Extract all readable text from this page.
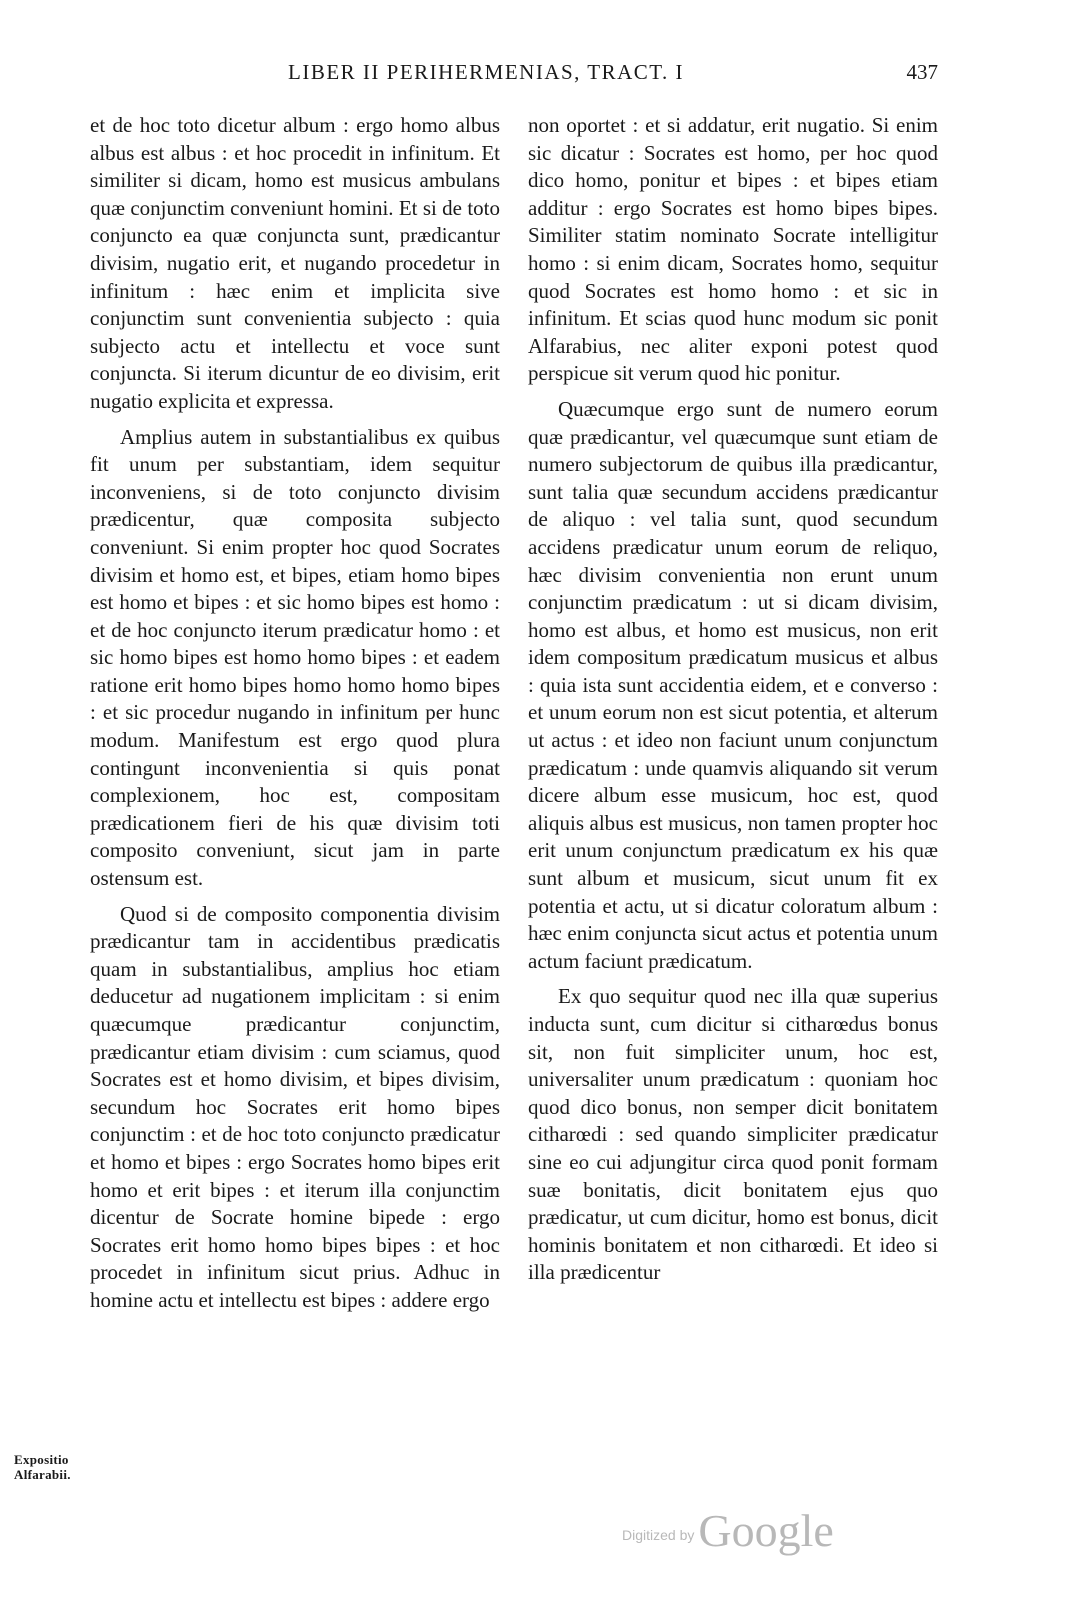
LIBER II PERIHERMENIAS, TRACT. I	437

et de hoc toto dicetur album : ergo homo albus albus est albus : et hoc procedit in infinitum. Et similiter si dicam, homo est musicus ambulans quæ conjunctim conveniunt homini. Et si de toto conjuncto ea quæ conjuncta sunt, prædicantur divisim, nugatio erit, et nugando procedetur in infinitum : hæc enim et implicita sive conjunctim sunt convenientia subjecto : quia subjecto actu et intellectu et voce sunt conjuncta. Si iterum dicuntur de eo divisim, erit nugatio explicita et expressa.

Amplius autem in substantialibus ex quibus fit unum per substantiam, idem sequitur inconveniens, si de toto conjuncto divisim prædicentur, quæ composita subjecto conveniunt. Si enim propter hoc quod Socrates divisim et homo est, et bipes, etiam homo bipes est homo et bipes : et sic homo bipes est homo : et de hoc conjuncto iterum prædicatur homo : et sic homo bipes est homo homo bipes : et eadem ratione erit homo bipes homo homo homo bipes : et sic procedur nugando in infinitum per hunc modum. Manifestum est ergo quod plura contingunt inconvenientia si quis ponat complexionem, hoc est, compositam prædicationem fieri de his quæ divisim toti composito conveniunt, sicut jam in parte ostensum est.

Quod si de composito componentia divisim prædicantur tam in accidentibus prædicatis quam in substantialibus, amplius hoc etiam deducetur ad nugationem implicitam : si enim quæcumque prædicantur conjunctim, prædicantur etiam divisim : cum sciamus, quod Socrates est et homo divisim, et bipes divisim, secundum hoc Socrates erit homo bipes conjunctim : et de hoc toto conjuncto prædicatur et homo et bipes : ergo Socrates homo bipes erit homo et erit bipes : et iterum illa conjunctim dicentur de Socrate homine bipede : ergo Socrates erit homo homo bipes bipes : et hoc procedet in infinitum sicut prius. Adhuc in homine actu et intellectu est bipes : addere ergo

non oportet : et si addatur, erit nugatio. Si enim sic dicatur : Socrates est homo, per hoc quod dico homo, ponitur et bipes : et bipes etiam additur : ergo Socrates est homo bipes bipes. Similiter statim nominato Socrate intelligitur homo : si enim dicam, Socrates homo, sequitur quod Socrates est homo homo : et sic in infinitum. Et scias quod hunc modum sic ponit Alfarabius, nec aliter exponi potest quod perspicue sit verum quod hic ponitur.

Quæcumque ergo sunt de numero eorum quæ prædicantur, vel quæcumque sunt etiam de numero subjectorum de quibus illa prædicantur, sunt talia quæ secundum accidens prædicantur de aliquo : vel talia sunt, quod secundum accidens prædicatur unum eorum de reliquo, hæc divisim convenientia non erunt unum conjunctim prædicatum : ut si dicam divisim, homo est albus, et homo est musicus, non erit idem compositum prædicatum musicus et albus : quia ista sunt accidentia eidem, et e converso : et unum eorum non est sicut potentia, et alterum ut actus : et ideo non faciunt unum conjunctum prædicatum : unde quamvis aliquando sit verum dicere album esse musicum, hoc est, quod aliquis albus est musicus, non tamen propter hoc erit unum conjunctum prædicatum ex his quæ sunt album et musicum, sicut unum fit ex potentia et actu, ut si dicatur coloratum album : hæc enim conjuncta sicut actus et potentia unum actum faciunt prædicatum.

Ex quo sequitur quod nec illa quæ superius inducta sunt, cum dicitur si citharœdus bonus sit, non fuit simpliciter unum, hoc est, universaliter unum prædicatum : quoniam hoc quod dico bonus, non semper dicit bonitatem citharœdi : sed quando simpliciter prædicatur sine eo cui adjungitur circa quod ponit formam suæ bonitatis, dicit bonitatem ejus quo prædicatur, ut cum dicitur, homo est bonus, dicit hominis bonitatem et non citharœdi. Et ideo si illa prædicentur

Expositio
Alfarabii.
Digitized byGoogle
